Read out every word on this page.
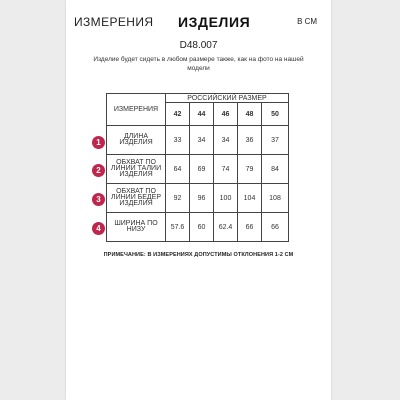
ИЗМЕРЕНИЯ ИЗДЕЛИЯ	В СМ
D48.007
Изделие будет сидеть в любом размере также, как на фото на нашей модели
ИЗМЕРЕНИЯ	РОССИЙСКИЙ РАЗМЕР				
	42	44	46	48	50
ДЛИНА ИЗДЕЛИЯ	33	34	34	36	37
ОБХВАТ ПО ЛИНИИ ТАЛИИ ИЗДЕЛИЯ	64	69	74	79	84
ОБХВАТ ПО ЛИНИИ БЕДЕР ИЗДЕЛИЯ	92	96	100	104	108
ШИРИНА ПО НИЗУ	57.6	60	62.4	66	66
1
2
3
4
ПРИМЕЧАНИЕ: В ИЗМЕРЕНИЯХ ДОПУСТИМЫ ОТКЛОНЕНИЯ 1-2 СМ
